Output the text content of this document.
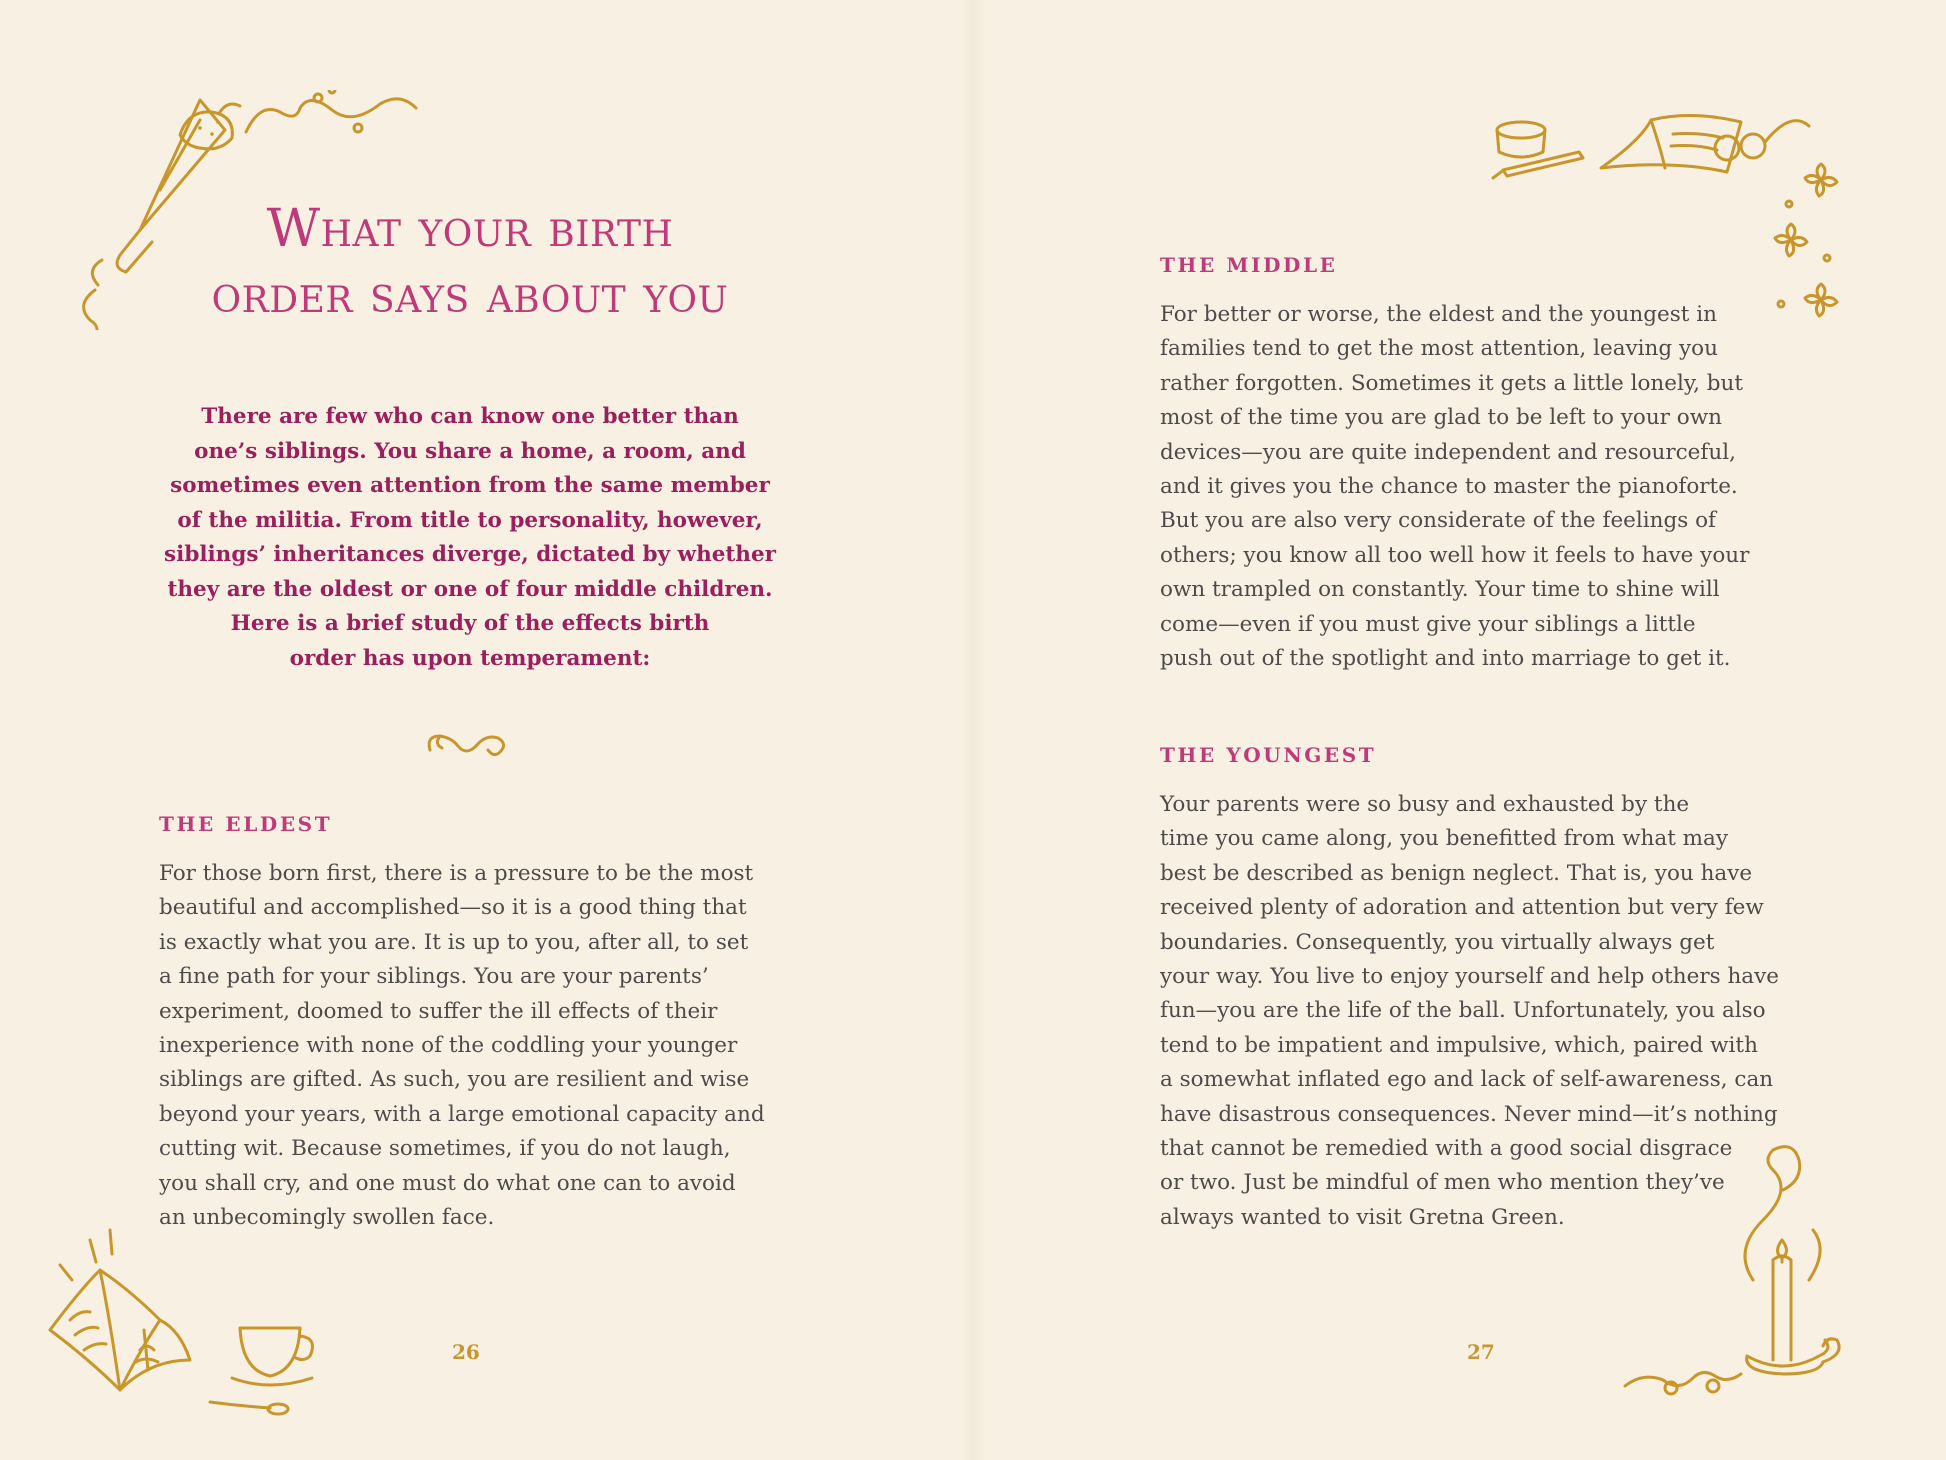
What your birth
order says about you

There are few who can know one better than
one’s siblings. You share a home, a room, and
sometimes even attention from the same member
of the militia. From title to personality, however,
siblings’ inheritances diverge, dictated by whether
they are the oldest or one of four middle children.
Here is a brief study of the effects birth
order has upon temperament:

THE ELDEST

For those born first, there is a pressure to be the most
beautiful and accomplished—so it is a good thing that
is exactly what you are. It is up to you, after all, to set
a fine path for your siblings. You are your parents’
experiment, doomed to suffer the ill effects of their
inexperience with none of the coddling your younger
siblings are gifted. As such, you are resilient and wise
beyond your years, with a large emotional capacity and
cutting wit. Because sometimes, if you do not laugh,
you shall cry, and one must do what one can to avoid
an unbecomingly swollen face.

26

THE MIDDLE

For better or worse, the eldest and the youngest in
families tend to get the most attention, leaving you
rather forgotten. Sometimes it gets a little lonely, but
most of the time you are glad to be left to your own
devices—you are quite independent and resourceful,
and it gives you the chance to master the pianoforte.
But you are also very considerate of the feelings of
others; you know all too well how it feels to have your
own trampled on constantly. Your time to shine will
come—even if you must give your siblings a little
push out of the spotlight and into marriage to get it.

THE YOUNGEST

Your parents were so busy and exhausted by the
time you came along, you benefitted from what may
best be described as benign neglect. That is, you have
received plenty of adoration and attention but very few
boundaries. Consequently, you virtually always get
your way. You live to enjoy yourself and help others have
fun—you are the life of the ball. Unfortunately, you also
tend to be impatient and impulsive, which, paired with
a somewhat inflated ego and lack of self-awareness, can
have disastrous consequences. Never mind—it’s nothing
that cannot be remedied with a good social disgrace
or two. Just be mindful of men who mention they’ve
always wanted to visit Gretna Green.

27
